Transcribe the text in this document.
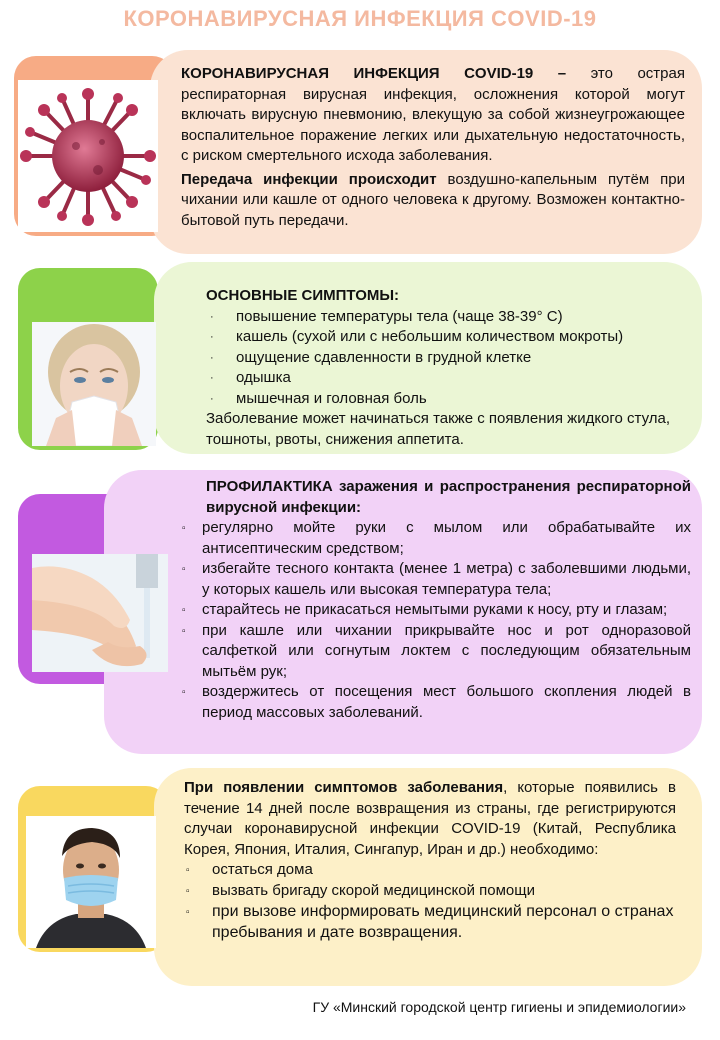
КОРОНАВИРУСНАЯ ИНФЕКЦИЯ COVID-19
КОРОНАВИРУСНАЯ ИНФЕКЦИЯ COVID-19 – это острая респираторная вирусная инфекция, осложнения которой могут включать вирусную пневмонию, влекущую за собой жизнеугрожающее воспалительное поражение легких или дыхательную недостаточность, с риском смертельного исхода заболевания.
Передача инфекции происходит воздушно-капельным путём при чихании или кашле от одного человека к другому. Возможен контактно-бытовой путь передачи.
ОСНОВНЫЕ СИМПТОМЫ:
· повышение температуры тела (чаще 38-39° С)
· кашель (сухой или с небольшим количеством мокроты)
· ощущение сдавленности в грудной клетке
· одышка
· мышечная и головная боль
Заболевание может начинаться также с появления жидкого стула, тошноты, рвоты, снижения аппетита.
ПРОФИЛАКТИКА заражения и распространения респираторной вирусной инфекции:
▫ регулярно мойте руки с мылом или обрабатывайте их антисептическим средством;
▫ избегайте тесного контакта (менее 1 метра) с заболевшими людьми, у которых кашель или высокая температура тела;
▫ старайтесь не прикасаться немытыми руками к носу, рту и глазам;
▫ при кашле или чихании прикрывайте нос и рот одноразовой салфеткой или согнутым локтем с последующим обязательным мытьём рук;
▫ воздержитесь от посещения мест большого скопления людей в период массовых заболеваний.
При появлении симптомов заболевания, которые появились в течение 14 дней после возвращения из страны, где регистрируются случаи коронавирусной инфекции COVID-19 (Китай, Республика Корея, Япония, Италия, Сингапур, Иран и др.) необходимо:
▫ остаться дома
▫ вызвать бригаду скорой медицинской помощи
▫ при вызове информировать медицинский персонал о странах пребывания и дате возвращения.
ГУ «Минский городской центр гигиены и эпидемиологии»
